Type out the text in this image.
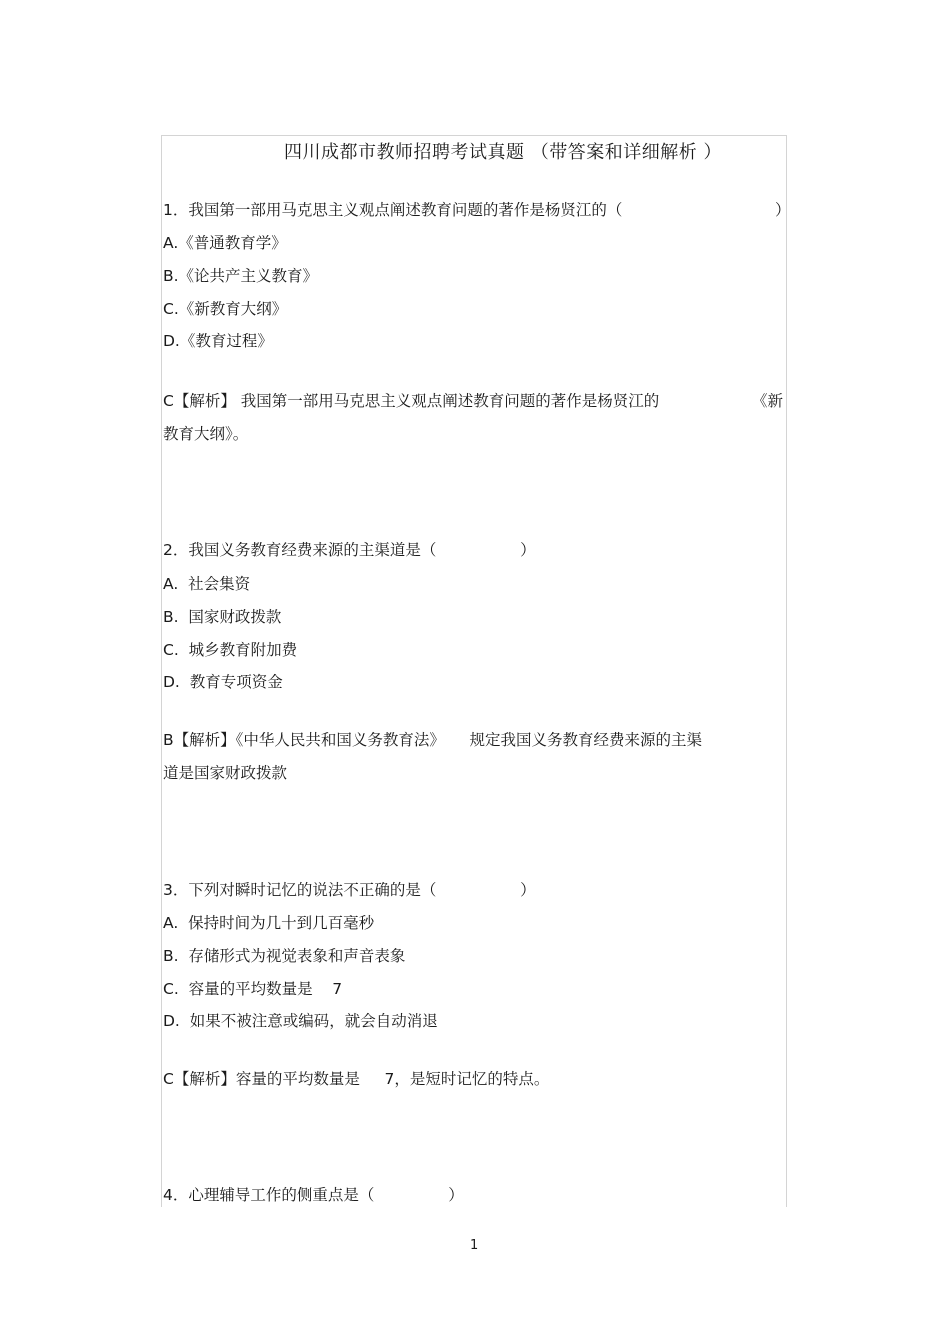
四川成都市教师招聘考试真题 （带答案和详细解析 ）
1．我国第一部用马克思主义观点阐述教育问题的著作是杨贤江的（	）
A.《普通教育学》
B.《论共产主义教育》
C.《新教育大纲》
D.《教育过程》
C【解析】 我国第一部用马克思主义观点阐述教育问题的著作是杨贤江的	《新
教育大纲》。
2．我国义务教育经费来源的主渠道是（                 ）
A.  社会集资
B.  国家财政拨款
C.  城乡教育附加费
D.  教育专项资金
B【解析】《中华人民共和国义务教育法》     规定我国义务教育经费来源的主渠
道是国家财政拨款
3．下列对瞬时记忆的说法不正确的是（                 ）
A.  保持时间为几十到几百毫秒
B.  存储形式为视觉表象和声音表象
C.  容量的平均数量是    7
D.  如果不被注意或编码，就会自动消退
C【解析】容量的平均数量是     7，是短时记忆的特点。
4．心理辅导工作的侧重点是（               ）
1
